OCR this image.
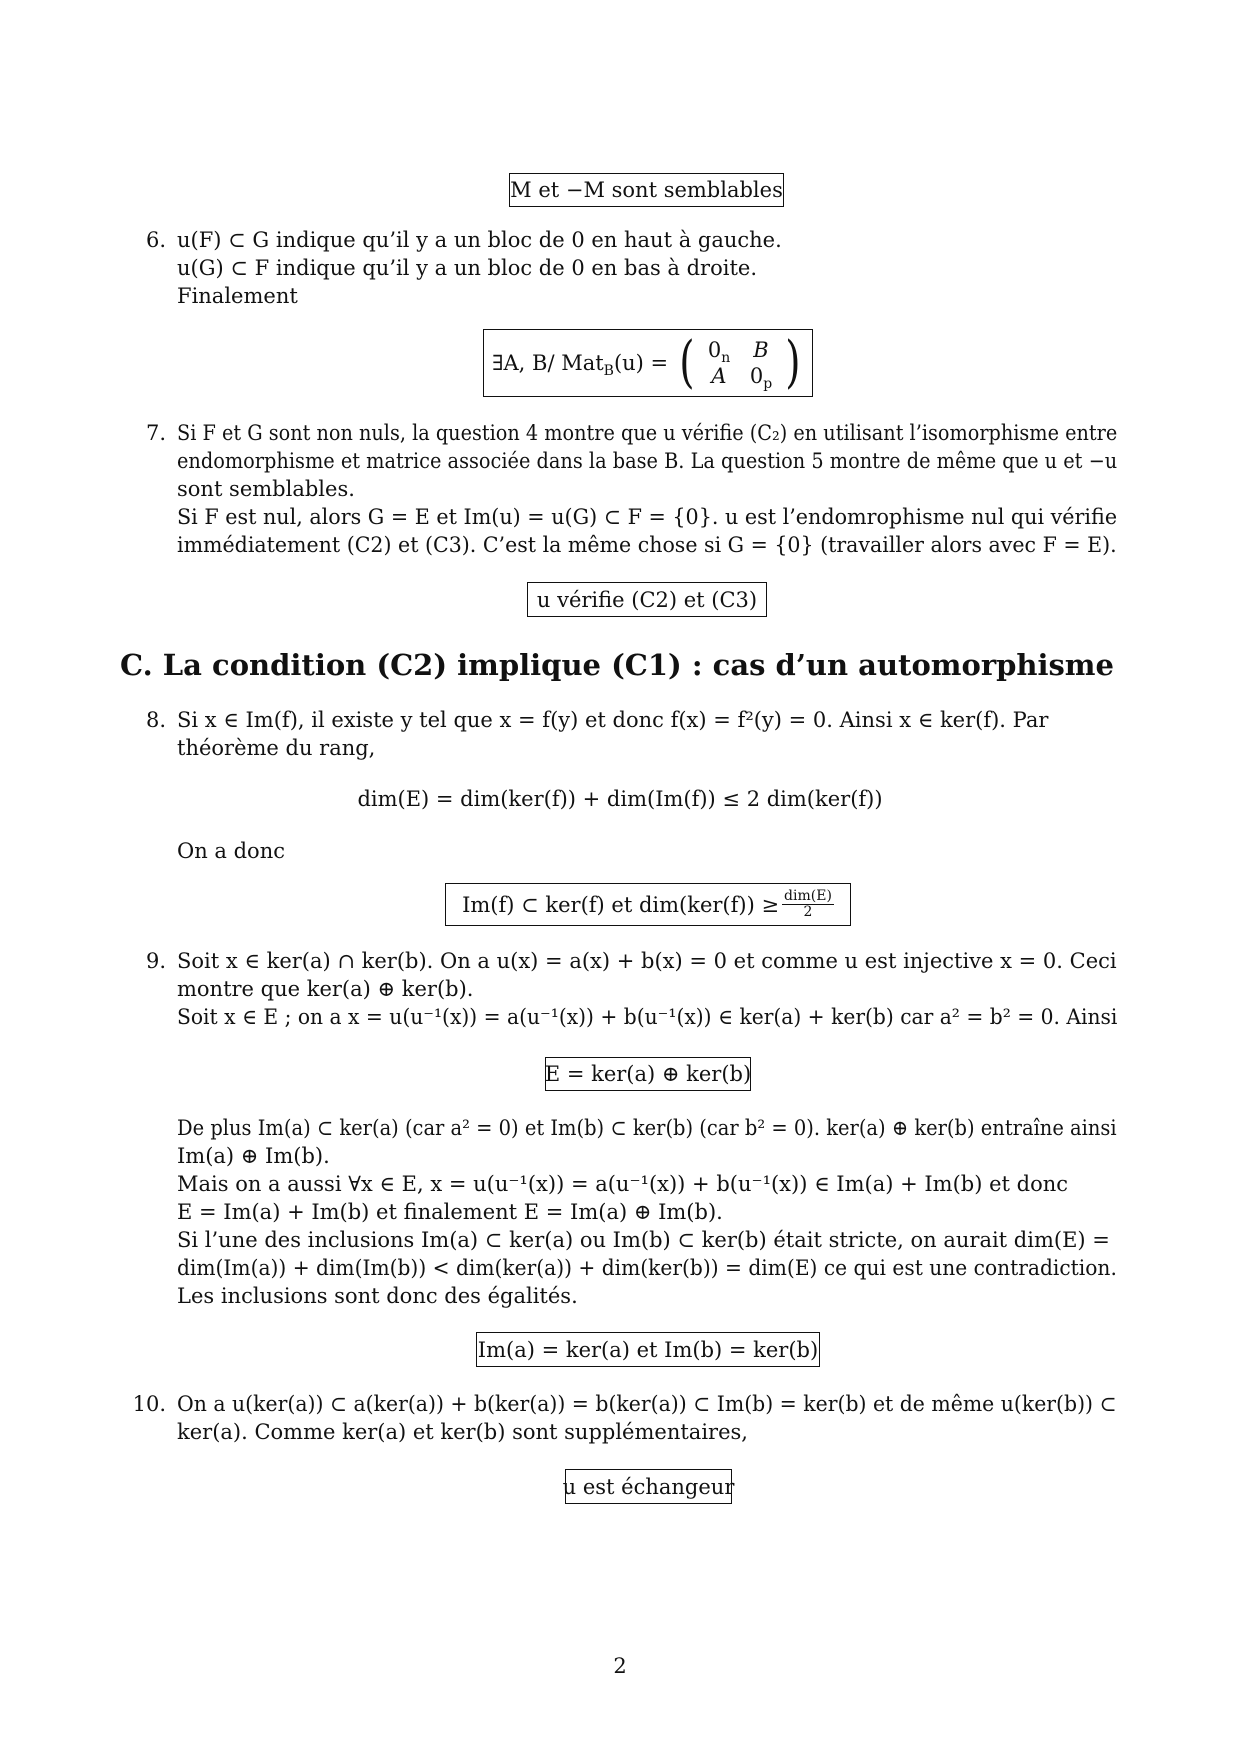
M et −M sont semblables
6. u(F) ⊂ G indique qu’il y a un bloc de 0 en haut à gauche.
u(G) ⊂ F indique qu’il y a un bloc de 0 en bas à droite.
Finalement
∃A, B/ Mat$_B$(u) = ( $0_n$	B
A	$0_p$ )
7. Si F et G sont non nuls, la question 4 montre que u vérifie (C₂) en utilisant l’isomorphisme entre
endomorphisme et matrice associée dans la base B. La question 5 montre de même que u et −u
sont semblables.
Si F est nul, alors G = E et Im(u) = u(G) ⊂ F = {0}. u est l’endomrophisme nul qui vérifie
immédiatement (C2) et (C3). C’est la même chose si G = {0} (travailler alors avec F = E).
u vérifie (C2) et (C3)
C. La condition (C2) implique (C1) : cas d’un automorphisme
8. Si x ∈ Im(f), il existe y tel que x = f(y) et donc f(x) = f²(y) = 0. Ainsi x ∈ ker(f). Par
théorème du rang,
dim(E) = dim(ker(f)) + dim(Im(f)) ≤ 2 dim(ker(f))
On a donc
Im(f) ⊂ ker(f) et $dim(ker(f)) \ge \frac{\text{dim(E)}}{2}$
9. Soit x ∈ ker(a) ∩ ker(b). On a u(x) = a(x) + b(x) = 0 et comme u est injective x = 0. Ceci
montre que ker(a) ⊕ ker(b).
Soit x ∈ E ; on a x = u(u⁻¹(x)) = a(u⁻¹(x)) + b(u⁻¹(x)) ∈ ker(a) + ker(b) car a² = b² = 0. Ainsi
E = ker(a) ⊕ ker(b)
De plus Im(a) ⊂ ker(a) (car a² = 0) et Im(b) ⊂ ker(b) (car b² = 0). ker(a) ⊕ ker(b) entraîne ainsi
Im(a) ⊕ Im(b).
Mais on a aussi ∀x ∈ E, x = u(u⁻¹(x)) = a(u⁻¹(x)) + b(u⁻¹(x)) ∈ Im(a) + Im(b) et donc
E = Im(a) + Im(b) et finalement E = Im(a) ⊕ Im(b).
Si l’une des inclusions Im(a) ⊂ ker(a) ou Im(b) ⊂ ker(b) était stricte, on aurait dim(E) =
dim(Im(a)) + dim(Im(b)) < dim(ker(a)) + dim(ker(b)) = dim(E) ce qui est une contradiction.
Les inclusions sont donc des égalités.
Im(a) = ker(a) et Im(b) = ker(b)
10. On a u(ker(a)) ⊂ a(ker(a)) + b(ker(a)) = b(ker(a)) ⊂ Im(b) = ker(b) et de même u(ker(b)) ⊂
ker(a). Comme ker(a) et ker(b) sont supplémentaires,
u est échangeur
2
